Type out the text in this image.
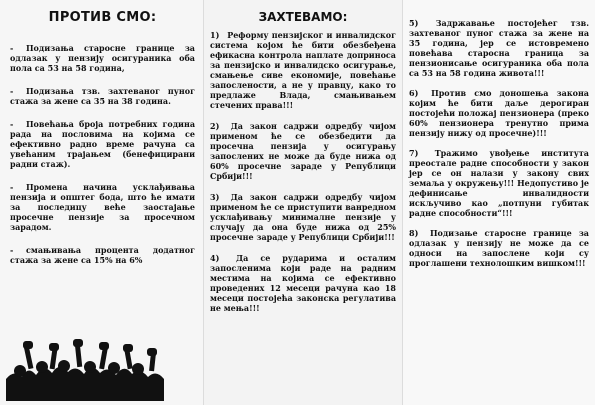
ПРОТИВ СМО:
- Подизања старосне границе за одлазак у пензију осигураника оба пола са 53 на 58 година,
- Подизања тзв. захтеваног пуног стажа за жене са 35 на 38 година.
- Повећања броја потребних година рада на пословима на којима се ефективно радно време рачуна са увећаним трајањем (бенефицирани радни стаж).
- Промена начина усклађивања пензија и општег бода, што ће имати за последицу веће заостајање просечне пензије за просечном зарадом.
- смањивања процента додатног стажа за жене са 15% на 6%
ЗАХТЕВАМО:
1) Реформу пензијског и инвалидског система којом ће бити обезбеђена ефикасна контрола наплате доприноса за пензијско и инвалидско осигурање, смањење сиве економије, повећање запослености, а не у правцу, како то предлаже Влада, смањивањем стечених права!!!
2) Да закон садржи одредбу чијом применом ће се обезбедити да просечна пензија у осигурању запослених не може да буде нижа од 60% просечне зараде у Републици Србији!!!
3) Да закон садржи одредбу чијом применом ће се приступити ванредном усклађивању минималне пензије у случају да она буде нижа од 25% просечне зараде у Републици Србији!!!
4) Да се рударима и осталим запосленима који раде на радним местима на којима се ефективно проведених 12 месеци рачуна као 18 месеци постојећа законска регулатива не мења!!!
5) Задржавање постојећег тзв. захтеваног пуног стажа за жене на 35 година, јер се истовремено повећава старосна граница за пензионисање осигураника оба пола са 53 на 58 година живота!!!
6) Против смо доношења закона којим ће бити даље дерогиран постојећи положај пензионера (преко 60% пензионера тренутно прима пензију нижу од просечне)!!!
7) Тражимо увођење института преостале радне способности у закон јер се он налази у закону свих земаља у окружењу!!! Недопустиво је дефинисање инвалидности искључиво као „потпуни губитак радне способности“!!!
8) Подизање старосне границе за одлазак у пензију не може да се односи на запослене који су проглашени технолошким вишком!!!
